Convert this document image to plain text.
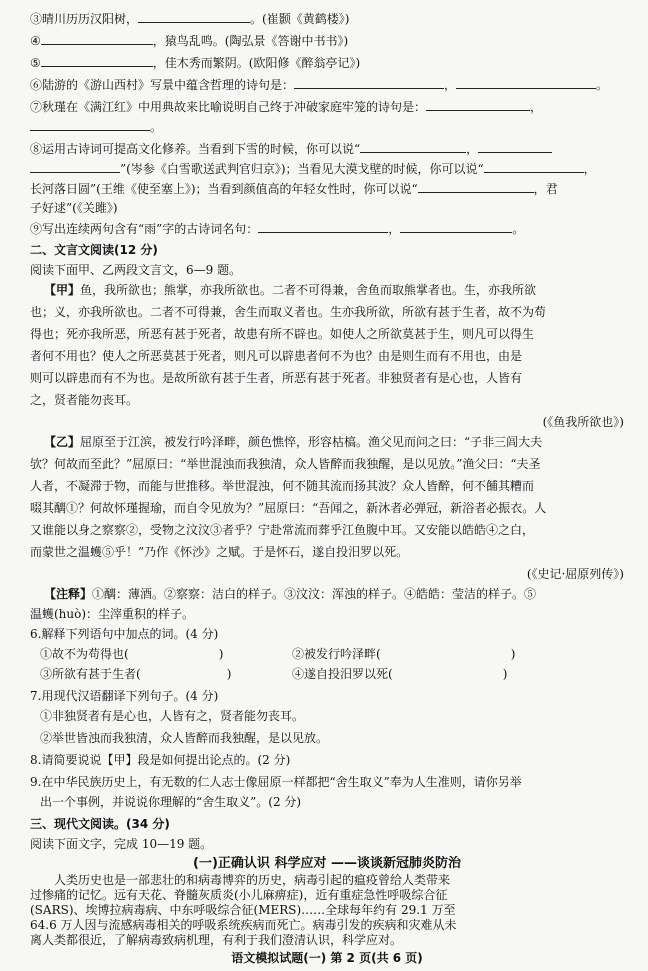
③晴川历历汉阳树，	。(崔颢《黄鹤楼》)
④	，猿鸟乱鸣。(陶弘景《答谢中书书》)
⑤	，佳木秀而繁阴。(欧阳修《醉翁亭记》)
⑥陆游的《游山西村》写景中蕴含哲理的诗句是：	，	。
⑦秋瑾在《满江红》中用典故来比喻说明自己终于冲破家庭牢笼的诗句是：	，
。
⑧运用古诗词可提高文化修养。当看到下雪的时候，你可以说“	，
”(岑参《白雪歌送武判官归京》)；当看见大漠戈壁的时候，你可以说“	，
长河落日圆”(王维《使至塞上》)；当看到颜值高的年轻女性时，你可以说“	，君
子好逑”(《关雎》)
⑨写出连续两句含有“雨”字的古诗词名句：	，	。
二、文言文阅读(12 分)
阅读下面甲、乙两段文言文，6—9 题。
【甲】鱼，我所欲也；熊掌，亦我所欲也。二者不可得兼，舍鱼而取熊掌者也。生，亦我所欲
也；义，亦我所欲也。二者不可得兼，舍生而取义者也。生亦我所欲，所欲有甚于生者，故不为苟
得也；死亦我所恶，所恶有甚于死者，故患有所不辟也。如使人之所欲莫甚于生，则凡可以得生
者何不用也？使人之所恶莫甚于死者，则凡可以辟患者何不为也？由是则生而有不用也，由是
则可以辟患而有不为也。是故所欲有甚于生者，所恶有甚于死者。非独贤者有是心也，人皆有
之，贤者能勿丧耳。
(《鱼我所欲也》)
【乙】屈原至于江滨，被发行吟泽畔，颜色憔悴，形容枯槁。渔父见而问之曰：“子非三闾大夫
欤？何故而至此？”屈原曰：“举世混浊而我独清，众人皆醉而我独醒，是以见放。”渔父曰：“夫圣
人者，不凝滞于物，而能与世推移。举世混浊，何不随其流而扬其波？众人皆醉，何不餔其糟而
啜其醨①？何故怀瑾握瑜，而自令见放为？”屈原曰：“吾闻之，新沐者必弹冠，新浴者必振衣。人
又谁能以身之察察②，受物之汶汶③者乎？宁赴常流而葬乎江鱼腹中耳。又安能以皓皓④之白，
而蒙世之温蠖⑤乎！”乃作《怀沙》之赋。于是怀石，遂自投汨罗以死。
(《史记·屈原列传》)
【注释】①醨：薄酒。②察察：洁白的样子。③汶汶：浑浊的样子。④皓皓：莹洁的样子。⑤
温蠖(huò)：尘滓重积的样子。
6.解释下列语句中加点的词。(4 分)
①故不为苟得也(	)	②被发行吟泽畔(	)
③所欲有甚于生者(	)	④遂自投汨罗以死(	)
7.用现代汉语翻译下列句子。(4 分)
①非独贤者有是心也，人皆有之，贤者能勿丧耳。
②举世皆浊而我独清，众人皆醉而我独醒，是以见放。
8.请简要说说【甲】段是如何提出论点的。(2 分)
9.在中华民族历史上，有无数的仁人志士像屈原一样都把“舍生取义”奉为人生准则，请你另举
出一个事例，并说说你理解的“舍生取义”。(2 分)
三、现代文阅读。(34 分)
阅读下面文字，完成 10—19 题。
(一)正确认识 科学应对 ——谈谈新冠肺炎防治
语文模拟试题(一) 第 2 页(共 6 页)
人类历史也是一部悲壮的和病毒博弈的历史，病毒引起的瘟疫曾给人类带来
过惨痛的记忆。远有天花、脊髓灰质炎(小儿麻痹症)，近有重症急性呼吸综合征
(SARS)、埃博拉病毒病、中东呼吸综合征(MERS)……全球每年约有 29.1 万至
64.6 万人因与流感病毒相关的呼吸系统疾病而死亡。病毒引发的疾病和灾难从未
离人类都很近，了解病毒致病机理，有利于我们澄清认识，科学应对。
